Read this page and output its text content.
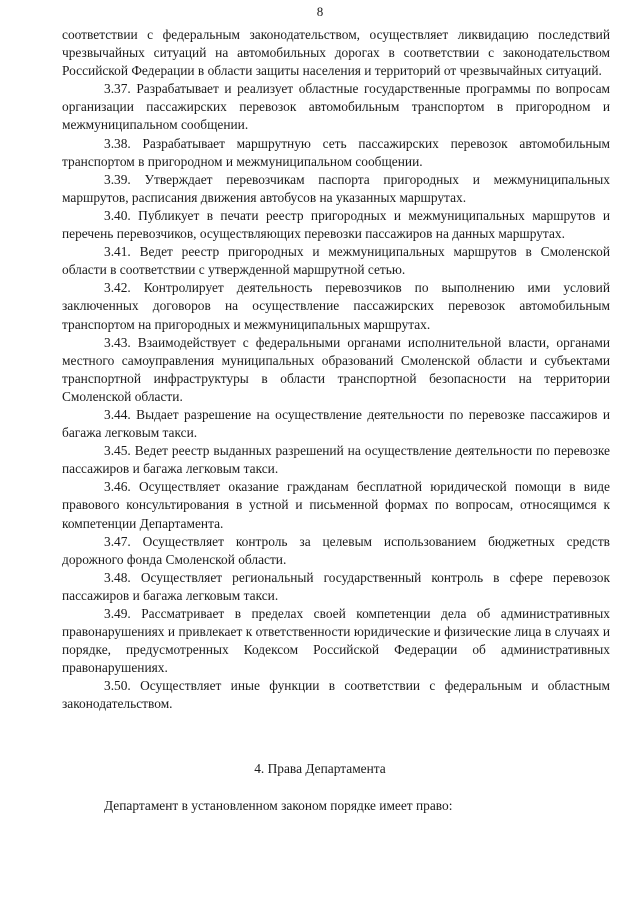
8

соответствии с федеральным законодательством, осуществляет ликвидацию последствий чрезвычайных ситуаций на автомобильных дорогах в соответствии с законодательством Российской Федерации в области защиты населения и территорий от чрезвычайных ситуаций.

3.37. Разрабатывает и реализует областные государственные программы по вопросам организации пассажирских перевозок автомобильным транспортом в пригородном и межмуниципальном сообщении.

3.38. Разрабатывает маршрутную сеть пассажирских перевозок автомобильным транспортом в пригородном и межмуниципальном сообщении.

3.39. Утверждает перевозчикам паспорта пригородных и межмуниципальных маршрутов, расписания движения автобусов на указанных маршрутах.

3.40. Публикует в печати реестр пригородных и межмуниципальных маршрутов и перечень перевозчиков, осуществляющих перевозки пассажиров на данных маршрутах.

3.41. Ведет реестр пригородных и межмуниципальных маршрутов в Смоленской области в соответствии с утвержденной маршрутной сетью.

3.42. Контролирует деятельность перевозчиков по выполнению ими условий заключенных договоров на осуществление пассажирских перевозок автомобильным транспортом на пригородных и межмуниципальных маршрутах.

3.43. Взаимодействует с федеральными органами исполнительной власти, органами местного самоуправления муниципальных образований Смоленской области и субъектами транспортной инфраструктуры в области транспортной безопасности на территории Смоленской области.

3.44. Выдает разрешение на осуществление деятельности по перевозке пассажиров и багажа легковым такси.

3.45. Ведет реестр выданных разрешений на осуществление деятельности по перевозке пассажиров и багажа легковым такси.

3.46. Осуществляет оказание гражданам бесплатной юридической помощи в виде правового консультирования в устной и письменной формах по вопросам, относящимся к компетенции Департамента.

3.47. Осуществляет контроль за целевым использованием бюджетных средств дорожного фонда Смоленской области.

3.48. Осуществляет региональный государственный контроль в сфере перевозок пассажиров и багажа легковым такси.

3.49. Рассматривает в пределах своей компетенции дела об административных правонарушениях и привлекает к ответственности юридические и физические лица в случаях и порядке, предусмотренных Кодексом Российской Федерации об административных правонарушениях.

3.50. Осуществляет иные функции в соответствии с федеральным и областным законодательством.

4. Права Департамента
Департамент в установленном законом порядке имеет право:
